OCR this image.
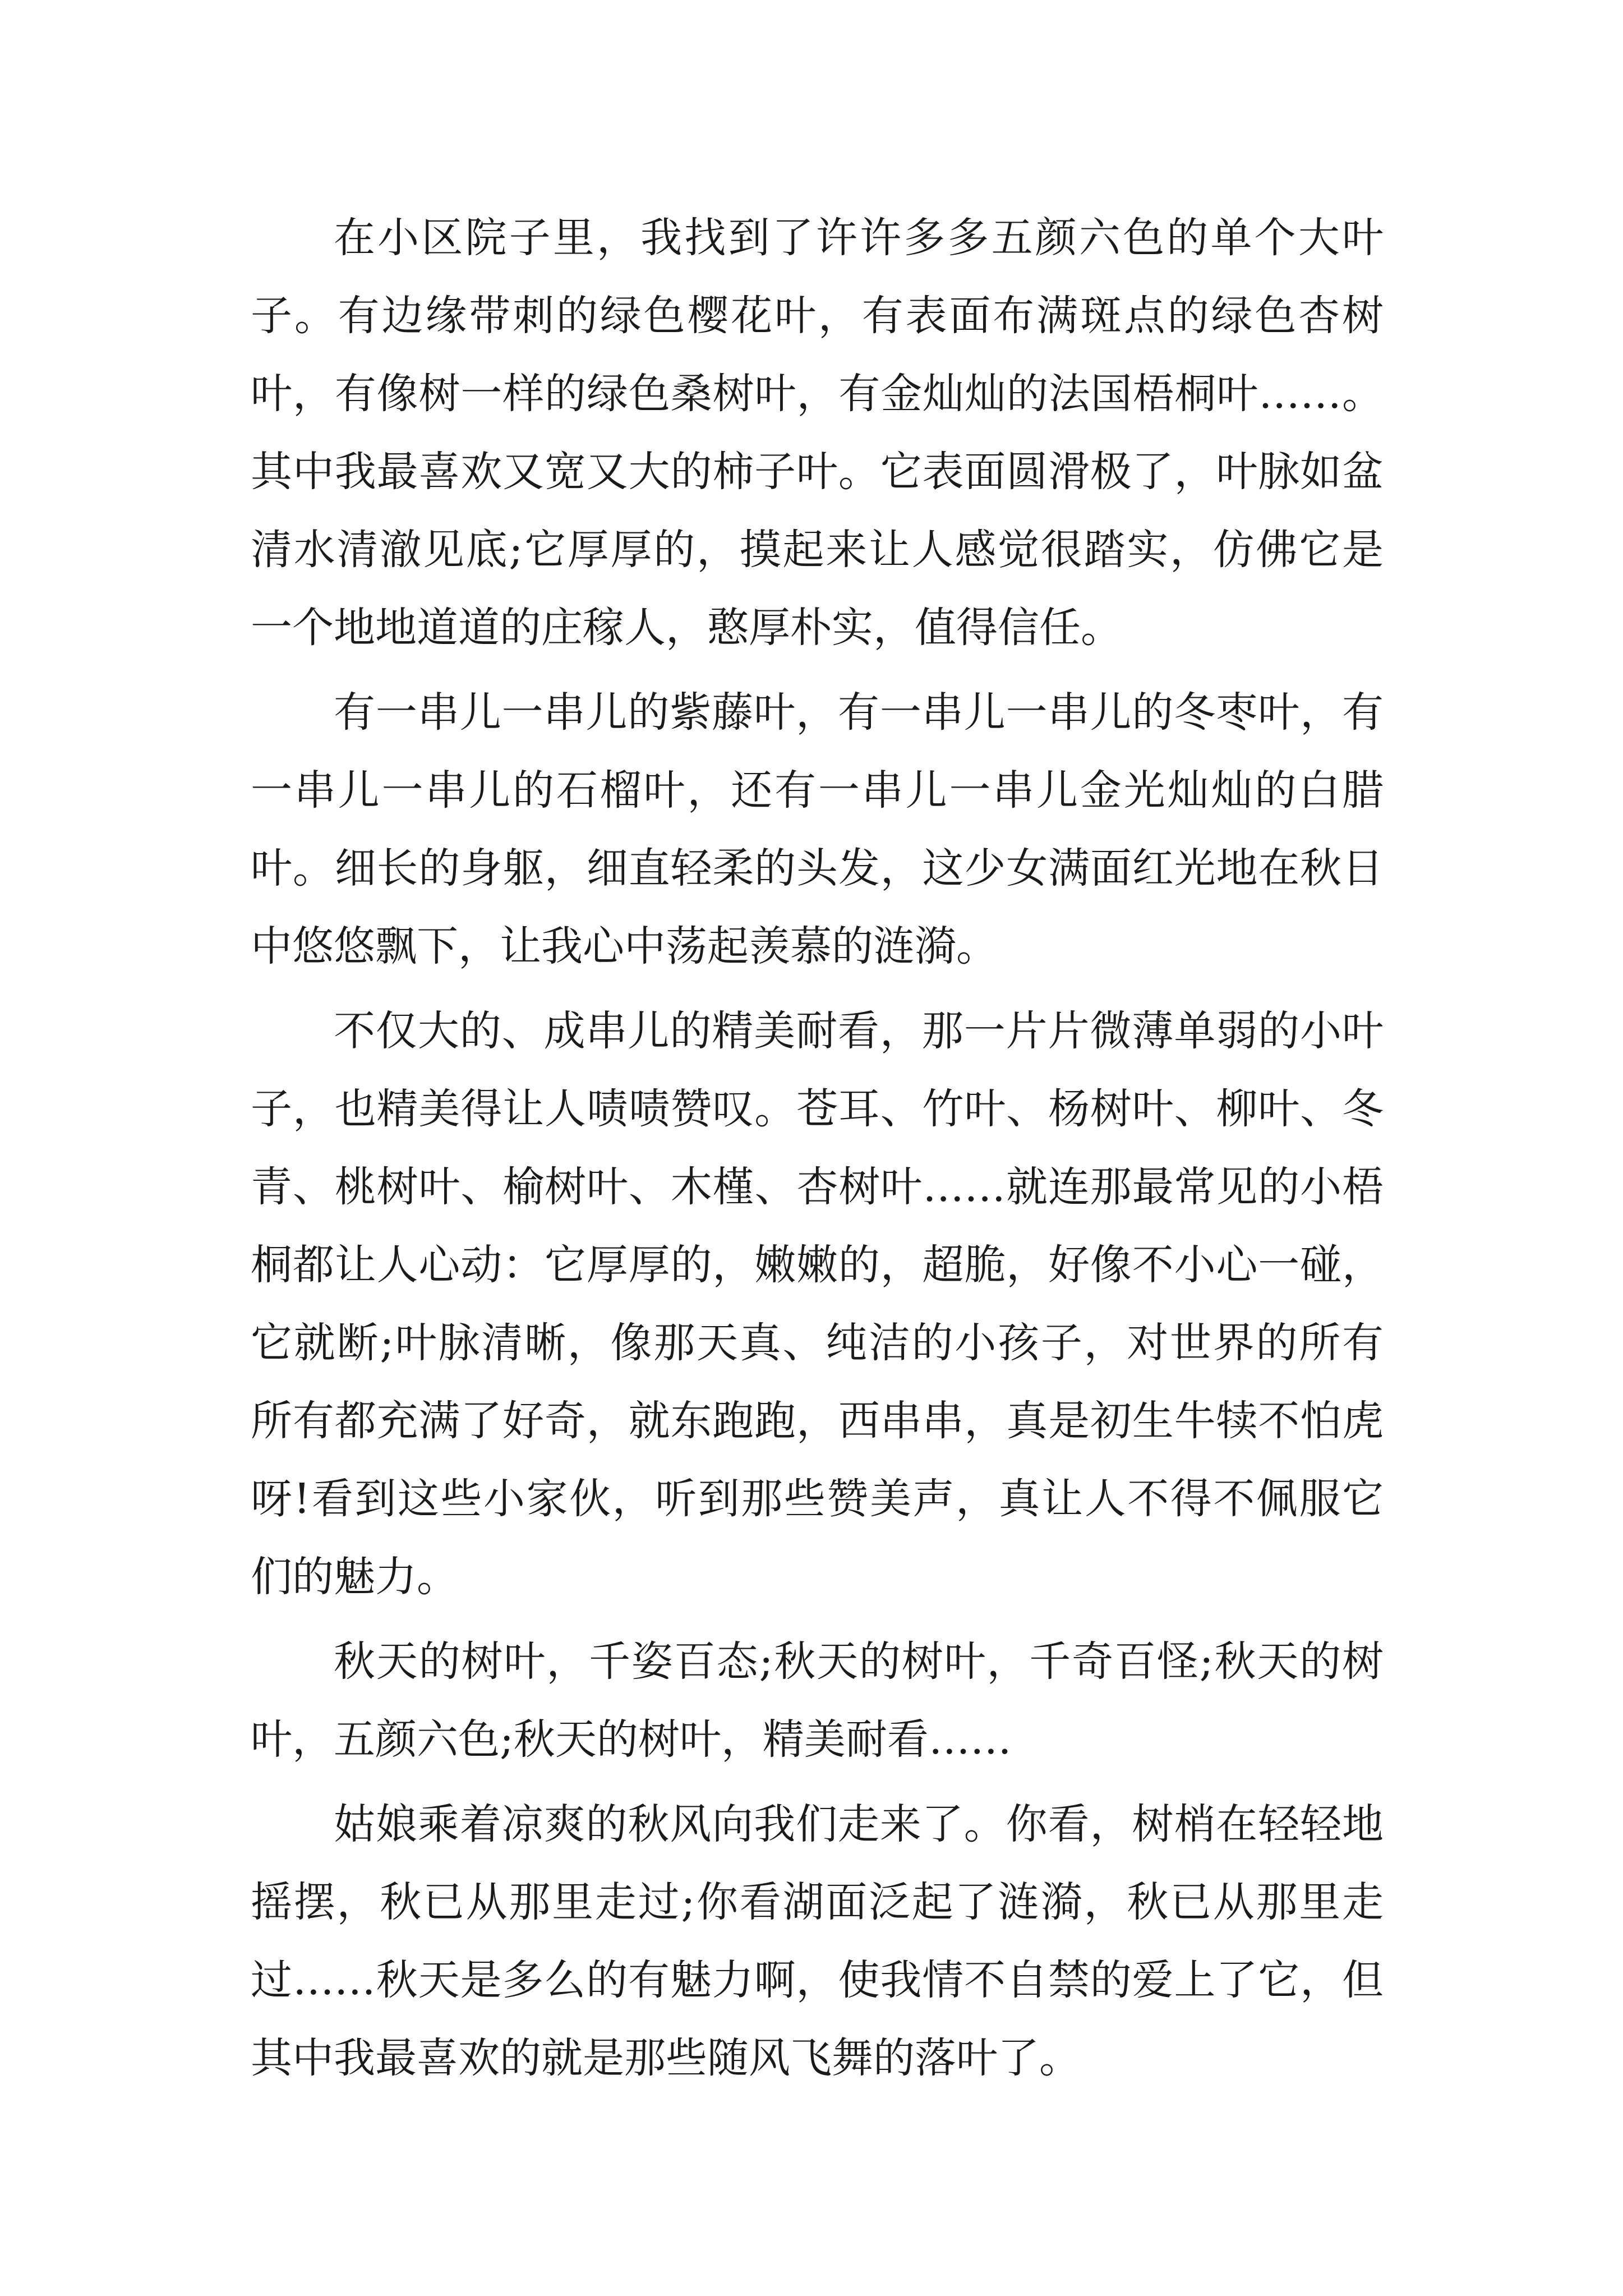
在小区院子里，我找到了许许多多五颜六色的单个大叶子。有边缘带刺的绿色樱花叶，有表面布满斑点的绿色杏树叶，有像树一样的绿色桑树叶，有金灿灿的法国梧桐叶……。其中我最喜欢又宽又大的柿子叶。它表面圆滑极了，叶脉如盆清水清澈见底;它厚厚的，摸起来让人感觉很踏实，仿佛它是一个地地道道的庄稼人，憨厚朴实，值得信任。

有一串儿一串儿的紫藤叶，有一串儿一串儿的冬枣叶，有一串儿一串儿的石榴叶，还有一串儿一串儿金光灿灿的白腊叶。细长的身躯，细直轻柔的头发，这少女满面红光地在秋日中悠悠飘下，让我心中荡起羡慕的涟漪。

不仅大的、成串儿的精美耐看，那一片片微薄单弱的小叶子，也精美得让人啧啧赞叹。苍耳、竹叶、杨树叶、柳叶、冬青、桃树叶、榆树叶、木槿、杏树叶……就连那最常见的小梧桐都让人心动：它厚厚的，嫩嫩的，超脆，好像不小心一碰，它就断;叶脉清晰，像那天真、纯洁的小孩子，对世界的所有所有都充满了好奇，就东跑跑，西串串，真是初生牛犊不怕虎呀!看到这些小家伙，听到那些赞美声，真让人不得不佩服它们的魅力。

秋天的树叶，千姿百态;秋天的树叶，千奇百怪;秋天的树叶，五颜六色;秋天的树叶，精美耐看……

姑娘乘着凉爽的秋风向我们走来了。你看，树梢在轻轻地摇摆，秋已从那里走过;你看湖面泛起了涟漪，秋已从那里走过……秋天是多么的有魅力啊，使我情不自禁的爱上了它，但其中我最喜欢的就是那些随风飞舞的落叶了。
